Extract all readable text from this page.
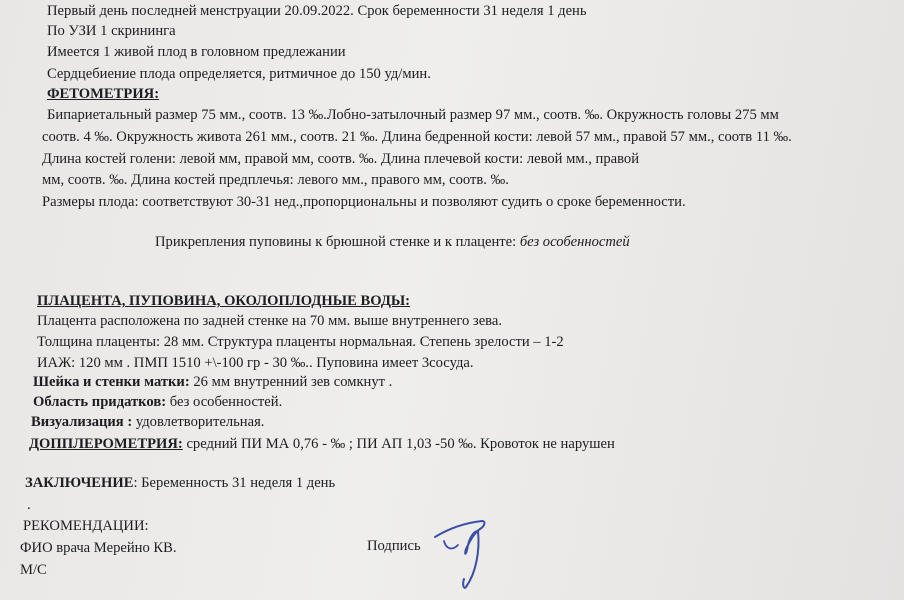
Первый день последней менструации 20.09.2022. Срок беременности 31 неделя 1 день
По УЗИ 1 скрининга
Имеется 1 живой плод в головном предлежании
Сердцебиение плода определяется, ритмичное до 150 уд/мин.
ФЕТОМЕТРИЯ:
Бипариетальный размер 75 мм., соотв. 13 ‰.Лобно-затылочный размер 97 мм., соотв. ‰. Окружность головы 275 мм
соотв. 4 ‰. Окружность живота 261 мм., соотв. 21 ‰. Длина бедренной кости: левой 57 мм., правой 57 мм., соотв 11 ‰.
Длина костей голени: левой мм, правой мм, соотв. ‰. Длина плечевой кости: левой мм., правой
мм, соотв. ‰. Длина костей предплечья: левого мм., правого мм, соотв. ‰.
Размеры плода: соответствуют 30-31 нед.,пропорциональны и позволяют судить о сроке беременности.
Прикрепления пуповины к брюшной стенке и к плаценте: без особенностей
ПЛАЦЕНТА, ПУПОВИНА, ОКОЛОПЛОДНЫЕ ВОДЫ:
Плацента расположена по задней стенке на 70 мм. выше внутреннего зева.
Толщина плаценты: 28 мм. Структура плаценты нормальная. Степень зрелости – 1-2
ИАЖ: 120 мм . ПМП 1510 +\-100 гр - 30 ‰.. Пуповина имеет 3сосуда.
Шейка и стенки матки: 26 мм внутренний зев сомкнут .
Область придатков: без особенностей.
Визуализация : удовлетворительная.
ДОППЛЕРОМЕТРИЯ: средний ПИ МА 0,76 - ‰ ; ПИ АП 1,03 -50 ‰. Кровоток не нарушен
ЗАКЛЮЧЕНИЕ: Беременность 31 неделя 1 день
.
РЕКОМЕНДАЦИИ:
ФИО врача Мерейно КВ.	Подпись
М/С
